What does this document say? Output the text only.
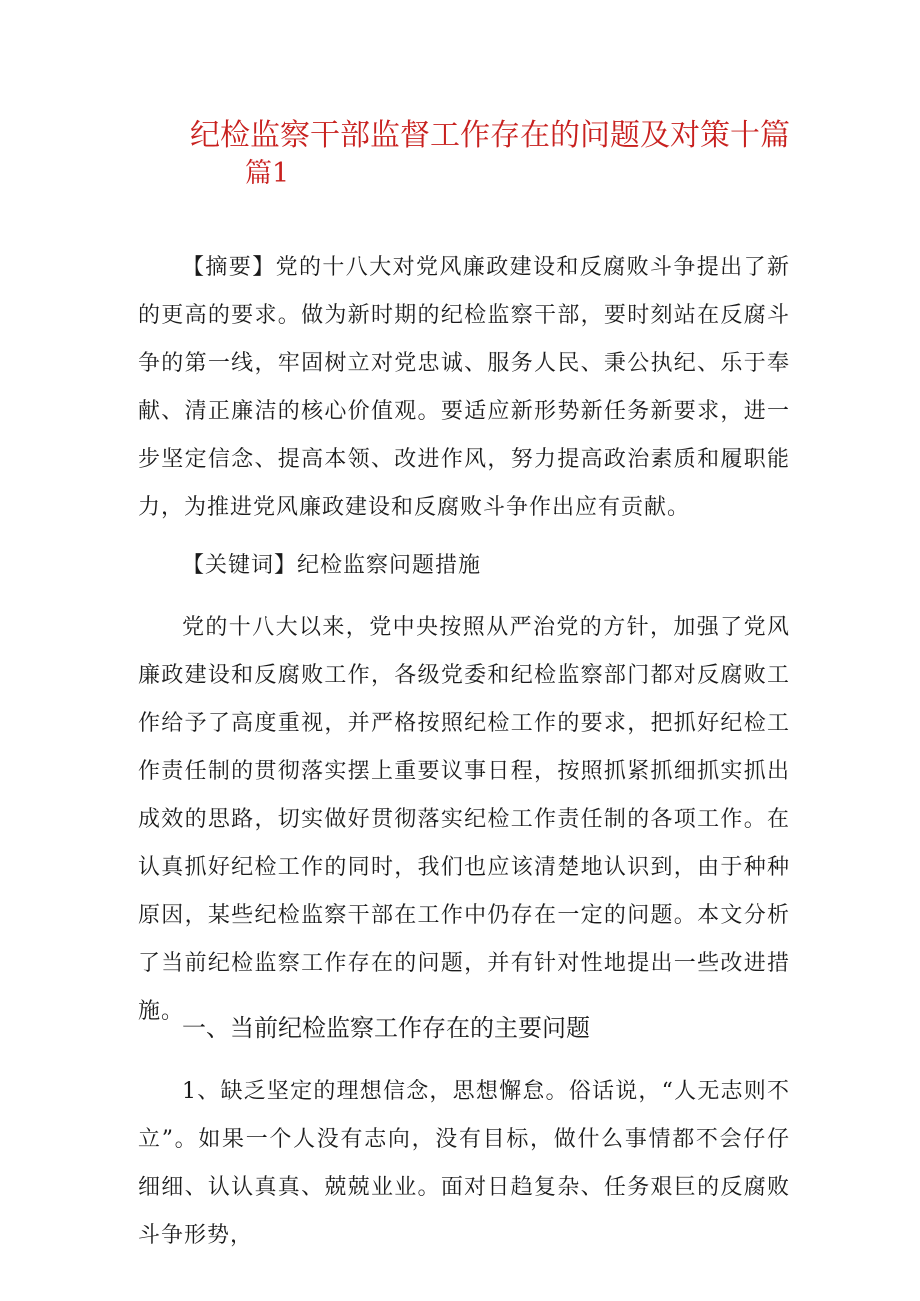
纪检监察干部监督工作存在的问题及对策十篇
篇1

【摘要】党的十八大对党风廉政建设和反腐败斗争提出了新的更高的要求。做为新时期的纪检监察干部，要时刻站在反腐斗争的第一线，牢固树立对党忠诚、服务人民、秉公执纪、乐于奉献、清正廉洁的核心价值观。要适应新形势新任务新要求，进一步坚定信念、提高本领、改进作风，努力提高政治素质和履职能力，为推进党风廉政建设和反腐败斗争作出应有贡献。

【关键词】纪检监察问题措施

党的十八大以来，党中央按照从严治党的方针，加强了党风廉政建设和反腐败工作，各级党委和纪检监察部门都对反腐败工作给予了高度重视，并严格按照纪检工作的要求，把抓好纪检工作责任制的贯彻落实摆上重要议事日程，按照抓紧抓细抓实抓出成效的思路，切实做好贯彻落实纪检工作责任制的各项工作。在认真抓好纪检工作的同时，我们也应该清楚地认识到，由于种种原因，某些纪检监察干部在工作中仍存在一定的问题。本文分析了当前纪检监察工作存在的问题，并有针对性地提出一些改进措施。

一、当前纪检监察工作存在的主要问题

1、缺乏坚定的理想信念，思想懈怠。俗话说，“人无志则不立”。如果一个人没有志向，没有目标，做什么事情都不会仔仔细细、认认真真、兢兢业业。面对日趋复杂、任务艰巨的反腐败斗争形势，
